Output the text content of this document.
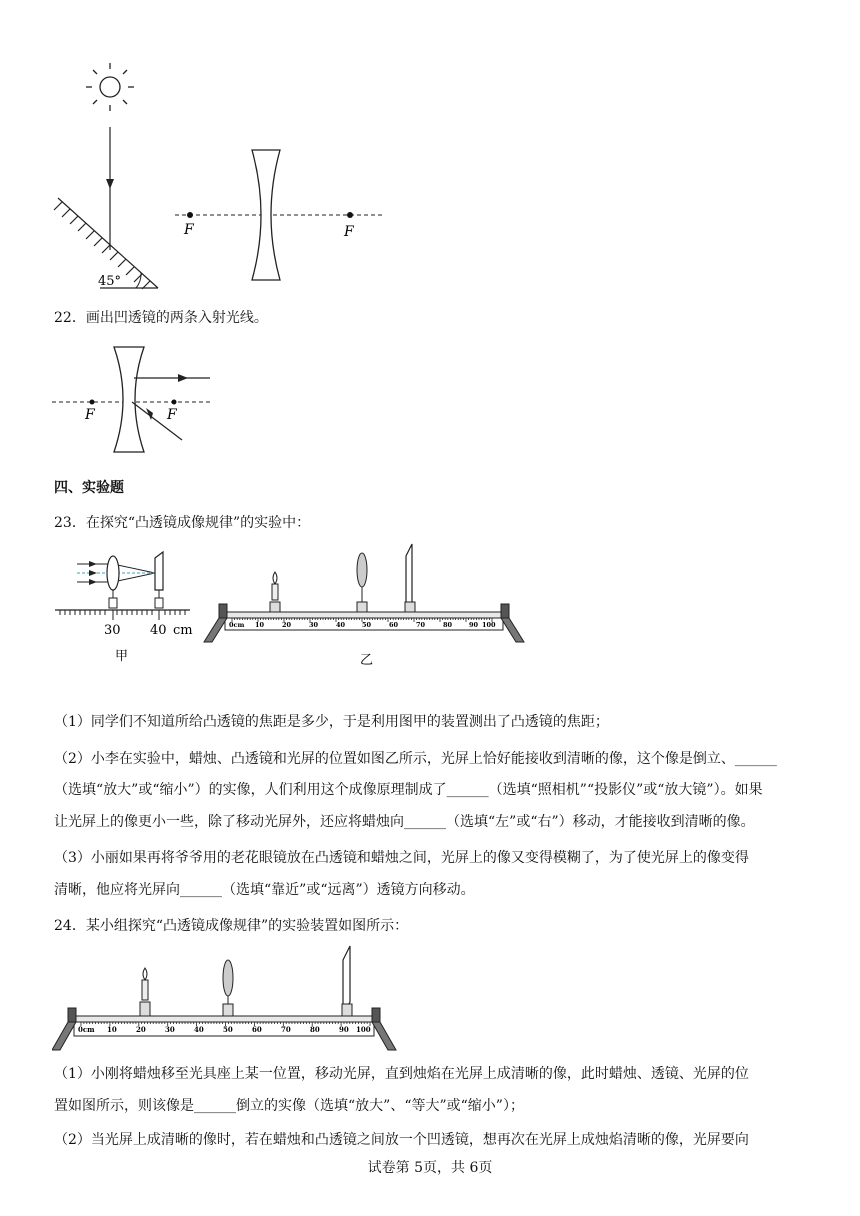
45°
F	F
22．画出凹透镜的两条入射光线。
F	F
四、实验题
23．在探究“凸透镜成像规律”的实验中：
30 40 cm
甲
0cm 10	20	30	40	50	60	70	80	90 100
乙
（1）同学们不知道所给凸透镜的焦距是多少，于是利用图甲的装置测出了凸透镜的焦距；
（2）小李在实验中，蜡烛、凸透镜和光屏的位置如图乙所示，光屏上恰好能接收到清晰的像，这个像是倒立、______
（选填“放大”或“缩小”）的实像，人们利用这个成像原理制成了______（选填“照相机”“投影仪”或“放大镜”）。如果
让光屏上的像更小一些，除了移动光屏外，还应将蜡烛向______（选填“左”或“右”）移动，才能接收到清晰的像。
（3）小丽如果再将爷爷用的老花眼镜放在凸透镜和蜡烛之间，光屏上的像又变得模糊了，为了使光屏上的像变得
清晰，他应将光屏向______（选填“靠近”或“远离”）透镜方向移动。
24．某小组探究“凸透镜成像规律”的实验装置如图所示：
0cm 10	20	30	40	50	60	70	80	90 100
（1）小刚将蜡烛移至光具座上某一位置，移动光屏，直到烛焰在光屏上成清晰的像，此时蜡烛、透镜、光屏的位
置如图所示，则该像是______倒立的实像（选填“放大”、“等大”或“缩小”）；
（2）当光屏上成清晰的像时，若在蜡烛和凸透镜之间放一个凹透镜，想再次在光屏上成烛焰清晰的像，光屏要向
试卷第 5页，共 6页
